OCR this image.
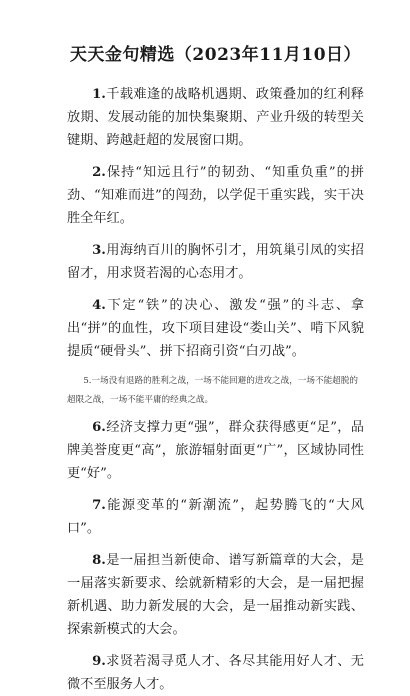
天天金句精选（2023年11月10日）

1.千载难逢的战略机遇期、政策叠加的红利释放期、发展动能的加快集聚期、产业升级的转型关键期、跨越赶超的发展窗口期。

2.保持“知远且行”的韧劲、“知重负重”的拼劲、“知难而进”的闯劲，以学促干重实践，实干决胜全年红。

3.用海纳百川的胸怀引才，用筑巢引凤的实招留才，用求贤若渴的心态用才。

4.下定“铁”的决心、激发“强”的斗志、拿出“拼”的血性，攻下项目建设“娄山关”、啃下风貌提质“硬骨头”、拼下招商引资“白刃战”。

5.一场没有退路的胜利之战，一场不能回避的进攻之战，一场不能超脱的超限之战，一场不能平庸的经典之战。

6.经济支撑力更“强”，群众获得感更“足”，品牌美誉度更“高”，旅游辐射面更“广”，区域协同性更“好”。

7.能源变革的“新潮流”，起势腾飞的“大风口”。

8.是一届担当新使命、谱写新篇章的大会，是一届落实新要求、绘就新精彩的大会，是一届把握新机遇、助力新发展的大会，是一届推动新实践、探索新模式的大会。

9.求贤若渴寻觅人才、各尽其能用好人才、无微不至服务人才。
